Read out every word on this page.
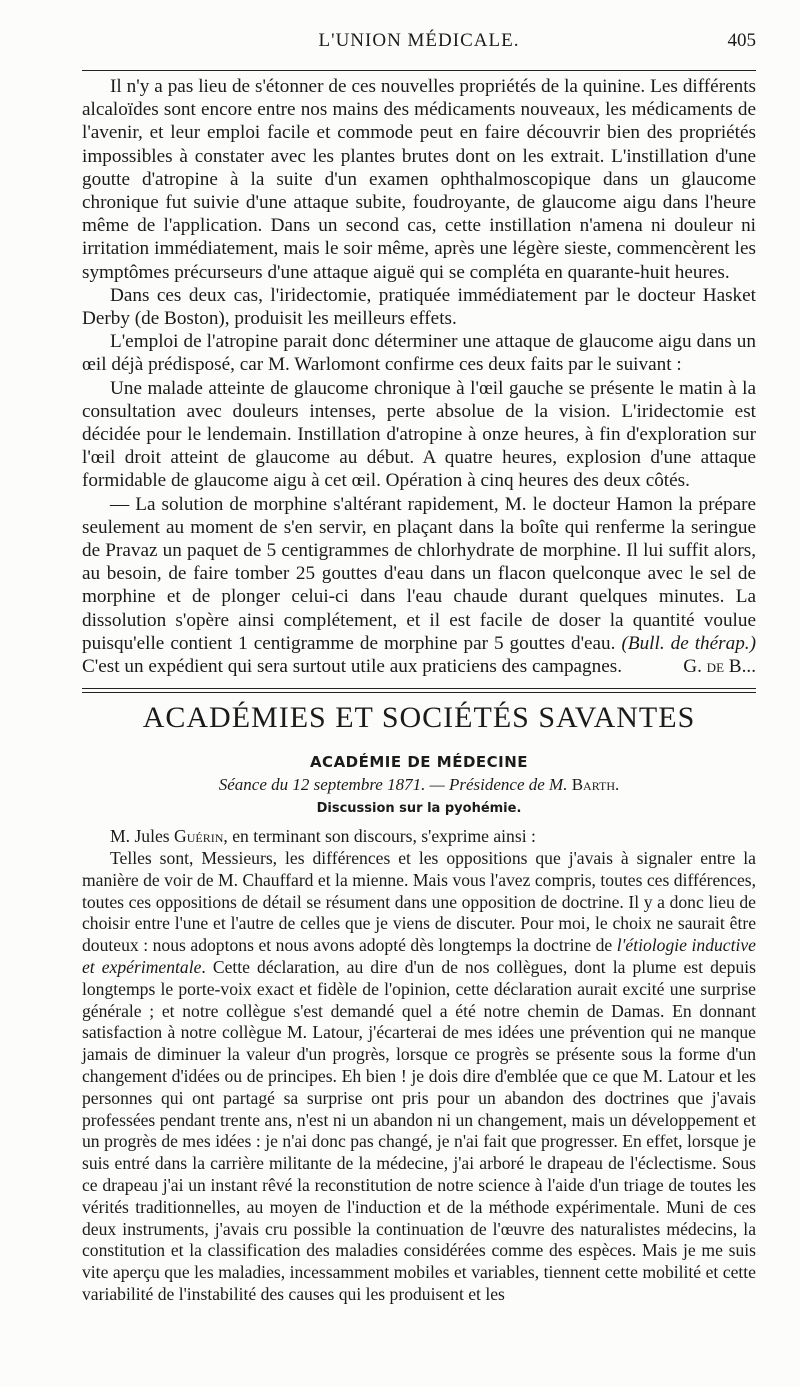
L'UNION MÉDICALE.	405

Il n'y a pas lieu de s'étonner de ces nouvelles propriétés de la quinine. Les différents alcaloïdes sont encore entre nos mains des médicaments nouveaux, les médicaments de l'avenir, et leur emploi facile et commode peut en faire découvrir bien des propriétés impossibles à constater avec les plantes brutes dont on les extrait. L'instillation d'une goutte d'atropine à la suite d'un examen ophthalmoscopique dans un glaucome chronique fut suivie d'une attaque subite, foudroyante, de glaucome aigu dans l'heure même de l'application. Dans un second cas, cette instillation n'amena ni douleur ni irritation immédiatement, mais le soir même, après une légère sieste, commencèrent les symptômes précurseurs d'une attaque aiguë qui se compléta en quarante-huit heures.

Dans ces deux cas, l'iridectomie, pratiquée immédiatement par le docteur Hasket Derby (de Boston), produisit les meilleurs effets.

L'emploi de l'atropine parait donc déterminer une attaque de glaucome aigu dans un œil déjà prédisposé, car M. Warlomont confirme ces deux faits par le suivant :

Une malade atteinte de glaucome chronique à l'œil gauche se présente le matin à la consultation avec douleurs intenses, perte absolue de la vision. L'iridectomie est décidée pour le lendemain. Instillation d'atropine à onze heures, à fin d'exploration sur l'œil droit atteint de glaucome au début. A quatre heures, explosion d'une attaque formidable de glaucome aigu à cet œil. Opération à cinq heures des deux côtés.

— La solution de morphine s'altérant rapidement, M. le docteur Hamon la prépare seulement au moment de s'en servir, en plaçant dans la boîte qui renferme la seringue de Pravaz un paquet de 5 centigrammes de chlorhydrate de morphine. Il lui suffit alors, au besoin, de faire tomber 25 gouttes d'eau dans un flacon quelconque avec le sel de morphine et de plonger celui-ci dans l'eau chaude durant quelques minutes. La dissolution s'opère ainsi complétement, et il est facile de doser la quantité voulue puisqu'elle contient 1 centigramme de morphine par 5 gouttes d'eau. (Bull. de thérap.) C'est un expédient qui sera surtout utile aux praticiens des campagnes.	G. de B...

ACADÉMIES ET SOCIÉTÉS SAVANTES
ACADÉMIE DE MÉDECINE
Séance du 12 septembre 1871. — Présidence de M. Barth.
Discussion sur la pyohémie.

M. Jules Guérin, en terminant son discours, s'exprime ainsi :

Telles sont, Messieurs, les différences et les oppositions que j'avais à signaler entre la manière de voir de M. Chauffard et la mienne. Mais vous l'avez compris, toutes ces différences, toutes ces oppositions de détail se résument dans une opposition de doctrine. Il y a donc lieu de choisir entre l'une et l'autre de celles que je viens de discuter. Pour moi, le choix ne saurait être douteux : nous adoptons et nous avons adopté dès longtemps la doctrine de l'étiologie inductive et expérimentale. Cette déclaration, au dire d'un de nos collègues, dont la plume est depuis longtemps le porte-voix exact et fidèle de l'opinion, cette déclaration aurait excité une surprise générale ; et notre collègue s'est demandé quel a été notre chemin de Damas. En donnant satisfaction à notre collègue M. Latour, j'écarterai de mes idées une prévention qui ne manque jamais de diminuer la valeur d'un progrès, lorsque ce progrès se présente sous la forme d'un changement d'idées ou de principes. Eh bien ! je dois dire d'emblée que ce que M. Latour et les personnes qui ont partagé sa surprise ont pris pour un abandon des doctrines que j'avais professées pendant trente ans, n'est ni un abandon ni un changement, mais un développement et un progrès de mes idées : je n'ai donc pas changé, je n'ai fait que progresser. En effet, lorsque je suis entré dans la carrière militante de la médecine, j'ai arboré le drapeau de l'éclectisme. Sous ce drapeau j'ai un instant rêvé la reconstitution de notre science à l'aide d'un triage de toutes les vérités traditionnelles, au moyen de l'induction et de la méthode expérimentale. Muni de ces deux instruments, j'avais cru possible la continuation de l'œuvre des naturalistes médecins, la constitution et la classification des maladies considérées comme des espèces. Mais je me suis vite aperçu que les maladies, incessamment mobiles et variables, tiennent cette mobilité et cette variabilité de l'instabilité des causes qui les produisent et les
